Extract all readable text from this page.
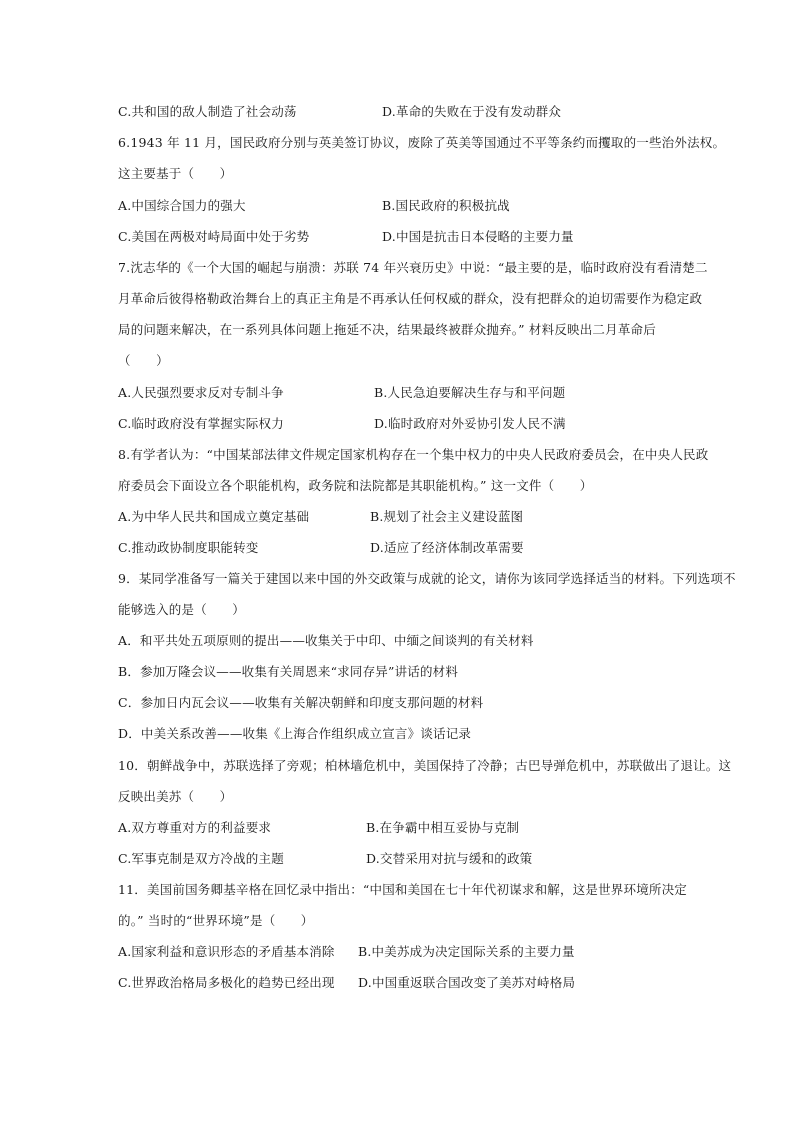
C.共和国的敌人制造了社会动荡	D.革命的失败在于没有发动群众
6.1943 年 11 月，国民政府分别与英美签订协议，废除了英美等国通过不平等条约而攫取的一些治外法权。
这主要基于（　　）
A.中国综合国力的强大	B.国民政府的积极抗战
C.美国在两极对峙局面中处于劣势	D.中国是抗击日本侵略的主要力量
7.沈志华的《一个大国的崛起与崩溃：苏联 74 年兴衰历史》中说：“最主要的是，临时政府没有看清楚二
月革命后彼得格勒政治舞台上的真正主角是不再承认任何权威的群众，没有把群众的迫切需要作为稳定政
局的问题来解决，在一系列具体问题上拖延不决，结果最终被群众抛弃。” 材料反映出二月革命后
（　　）
A.人民强烈要求反对专制斗争	B.人民急迫要解决生存与和平问题
C.临时政府没有掌握实际权力	D.临时政府对外妥协引发人民不满
8.有学者认为：“中国某部法律文件规定国家机构存在一个集中权力的中央人民政府委员会，在中央人民政
府委员会下面设立各个职能机构，政务院和法院都是其职能机构。” 这一文件（　　）
A.为中华人民共和国成立奠定基础	B.规划了社会主义建设蓝图
C.推动政协制度职能转变	D.适应了经济体制改革需要
9．某同学准备写一篇关于建国以来中国的外交政策与成就的论文，请你为该同学选择适当的材料。下列选项不
能够选入的是（　　）
A．和平共处五项原则的提出——收集关于中印、中缅之间谈判的有关材料
B．参加万隆会议——收集有关周恩来“求同存异”讲话的材料
C．参加日内瓦会议——收集有关解决朝鲜和印度支那问题的材料
D．中美关系改善——收集《上海合作组织成立宣言》谈话记录
10．朝鲜战争中，苏联选择了旁观；柏林墙危机中，美国保持了冷静；古巴导弹危机中，苏联做出了退让。这
反映出美苏（　　）
A.双方尊重对方的利益要求	B.在争霸中相互妥协与克制
C.军事克制是双方冷战的主题	D.交替采用对抗与缓和的政策
11．美国前国务卿基辛格在回忆录中指出：“中国和美国在七十年代初谋求和解，这是世界环境所决定
的。” 当时的“世界环境”是（　　）
A.国家利益和意识形态的矛盾基本消除 B.中美苏成为决定国际关系的主要力量
C.世界政治格局多极化的趋势已经出现 D.中国重返联合国改变了美苏对峙格局
